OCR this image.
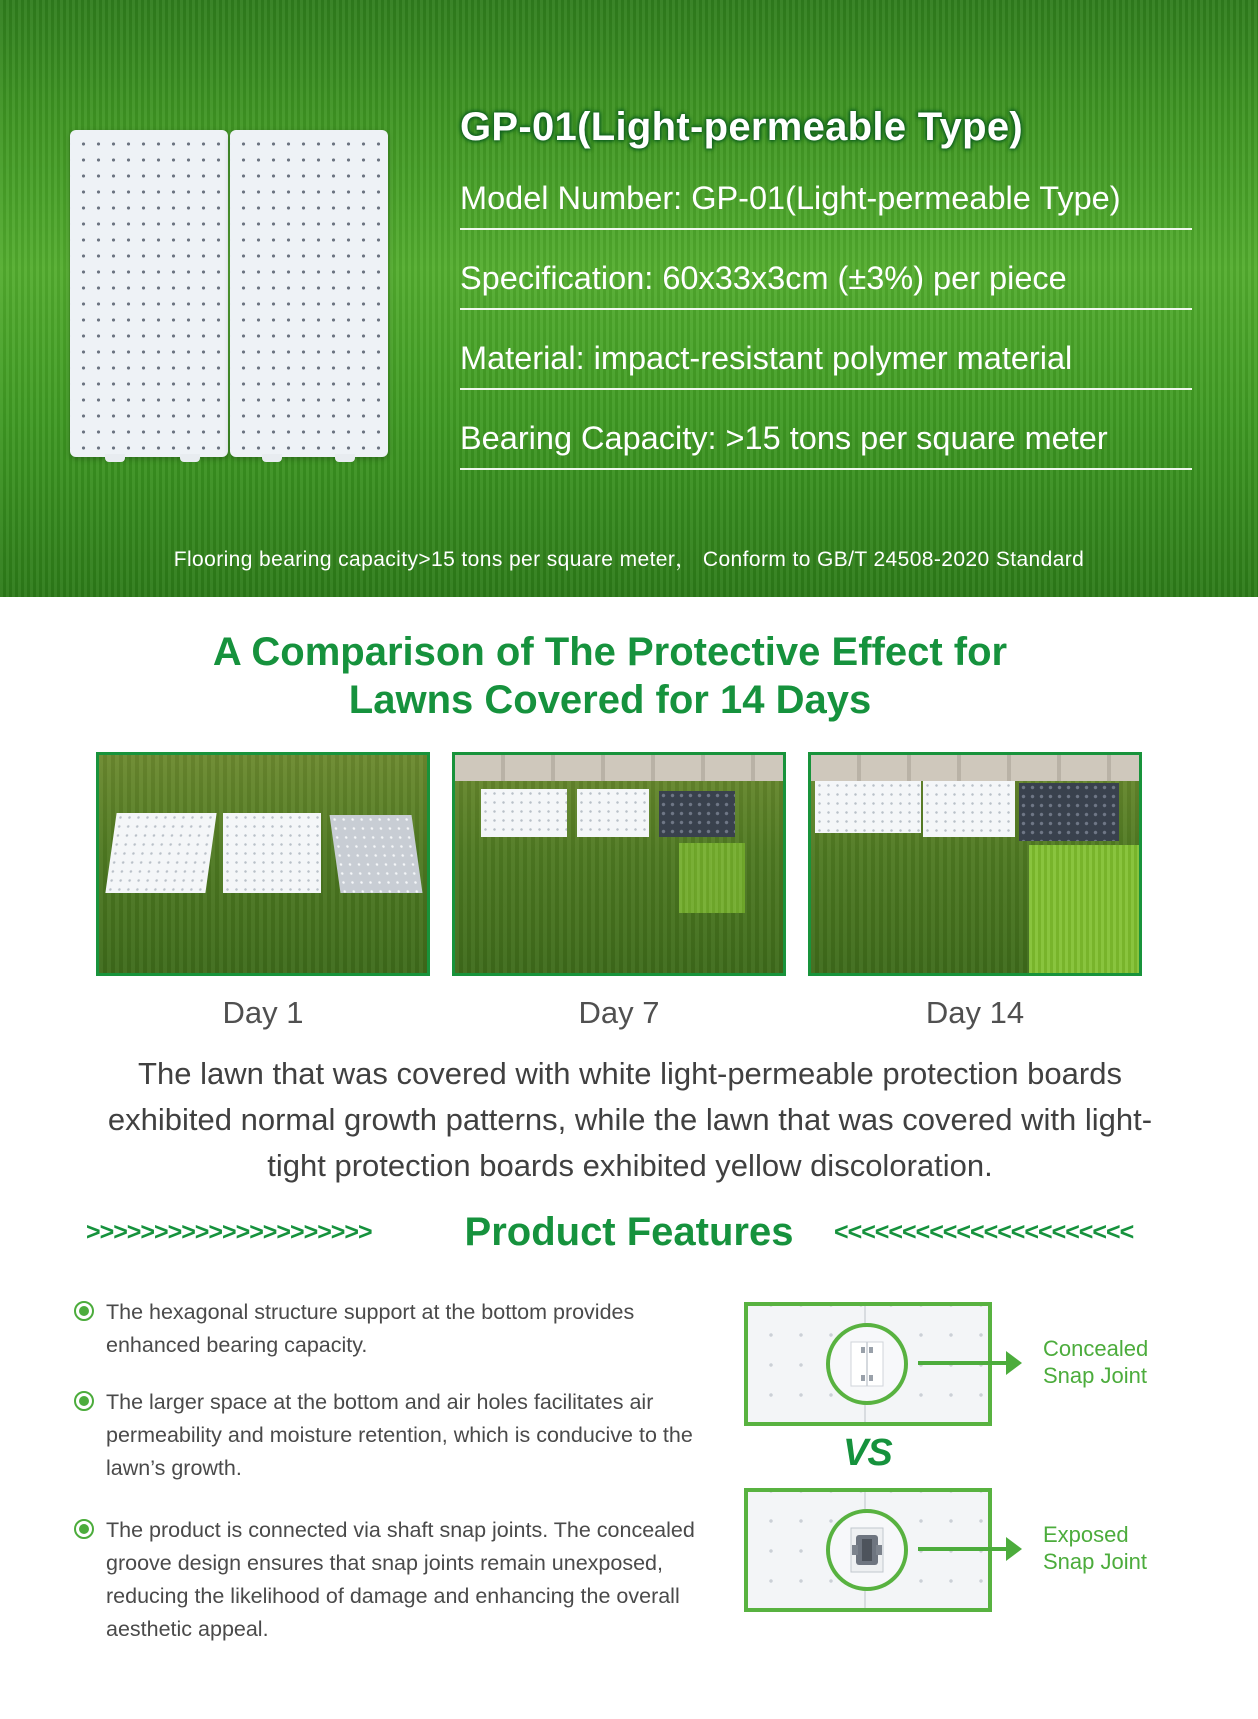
GP-01(Light-permeable Type)
Model Number: GP-01(Light-permeable Type)
Specification: 60x33x3cm (±3%) per piece
Material: impact-resistant polymer material
Bearing Capacity: >15 tons per square meter
Flooring bearing capacity>15 tons per square meter， Conform to GB/T 24508-2020 Standard
A Comparison of The Protective Effect for
Lawns Covered for 14 Days
Day 1	Day 7	Day 14
The lawn that was covered with white light-permeable protection boards exhibited normal growth patterns, while the lawn that was covered with light-tight protection boards exhibited yellow discoloration.
>>>>>>>>>>>>>>>>>>>>>	Product Features	<<<<<<<<<<<<<<<<<<<<<<
The hexagonal structure support at the bottom provides enhanced bearing capacity.
The larger space at the bottom and air holes facilitates air permeability and moisture retention, which is conducive to the lawn’s growth.
The product is connected via shaft snap joints. The concealed groove design ensures that snap joints remain unexposed, reducing the likelihood of damage and enhancing the overall aesthetic appeal.
Concealed
Snap Joint
VS
Exposed
Snap Joint
